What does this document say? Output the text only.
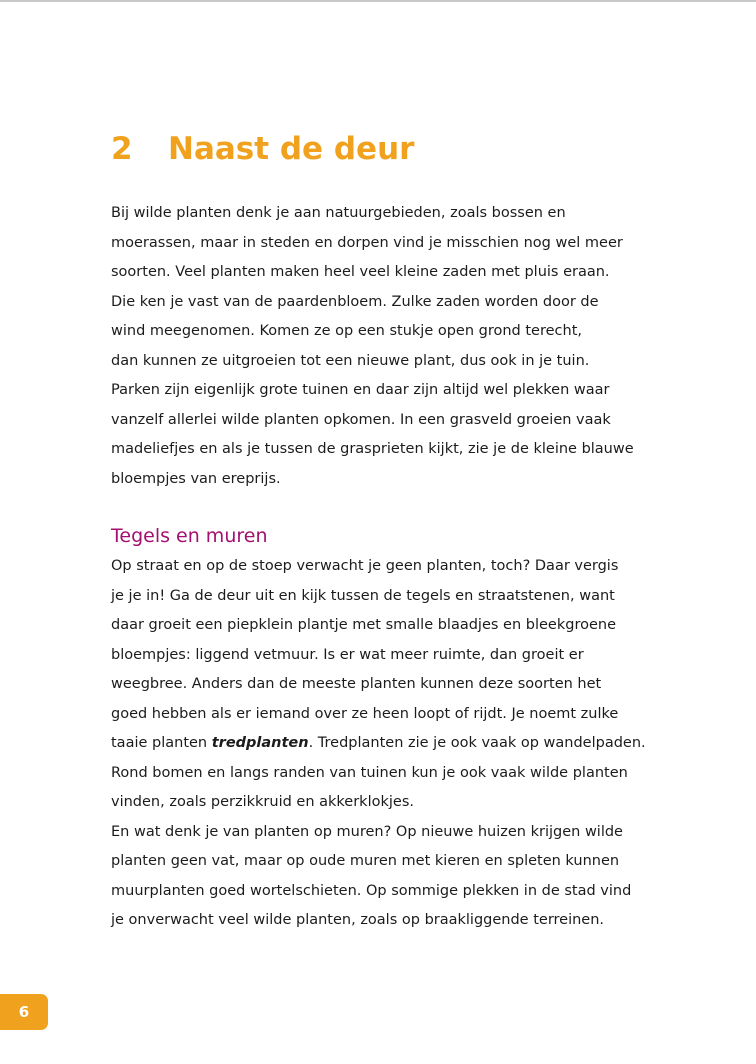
2 Naast de deur
Bij wilde planten denk je aan natuurgebieden, zoals bossen en
moerassen, maar in steden en dorpen vind je misschien nog wel meer
soorten. Veel planten maken heel veel kleine zaden met pluis eraan.
Die ken je vast van de paardenbloem. Zulke zaden worden door de
wind meegenomen. Komen ze op een stukje open grond terecht,
dan kunnen ze uitgroeien tot een nieuwe plant, dus ook in je tuin.
Parken zijn eigenlijk grote tuinen en daar zijn altijd wel plekken waar
vanzelf allerlei wilde planten opkomen. In een grasveld groeien vaak
madeliefjes en als je tussen de grasprieten kijkt, zie je de kleine blauwe
bloempjes van ereprijs.
Tegels en muren
Op straat en op de stoep verwacht je geen planten, toch? Daar vergis
je je in! Ga de deur uit en kijk tussen de tegels en straatstenen, want
daar groeit een piepklein plantje met smalle blaadjes en bleekgroene
bloempjes: liggend vetmuur. Is er wat meer ruimte, dan groeit er
weegbree. Anders dan de meeste planten kunnen deze soorten het
goed hebben als er iemand over ze heen loopt of rijdt. Je noemt zulke
taaie planten tredplanten. Tredplanten zie je ook vaak op wandelpaden.
Rond bomen en langs randen van tuinen kun je ook vaak wilde planten
vinden, zoals perzikkruid en akkerklokjes.
En wat denk je van planten op muren? Op nieuwe huizen krijgen wilde
planten geen vat, maar op oude muren met kieren en spleten kunnen
muurplanten goed wortelschieten. Op sommige plekken in de stad vind
je onverwacht veel wilde planten, zoals op braakliggende terreinen.
6
